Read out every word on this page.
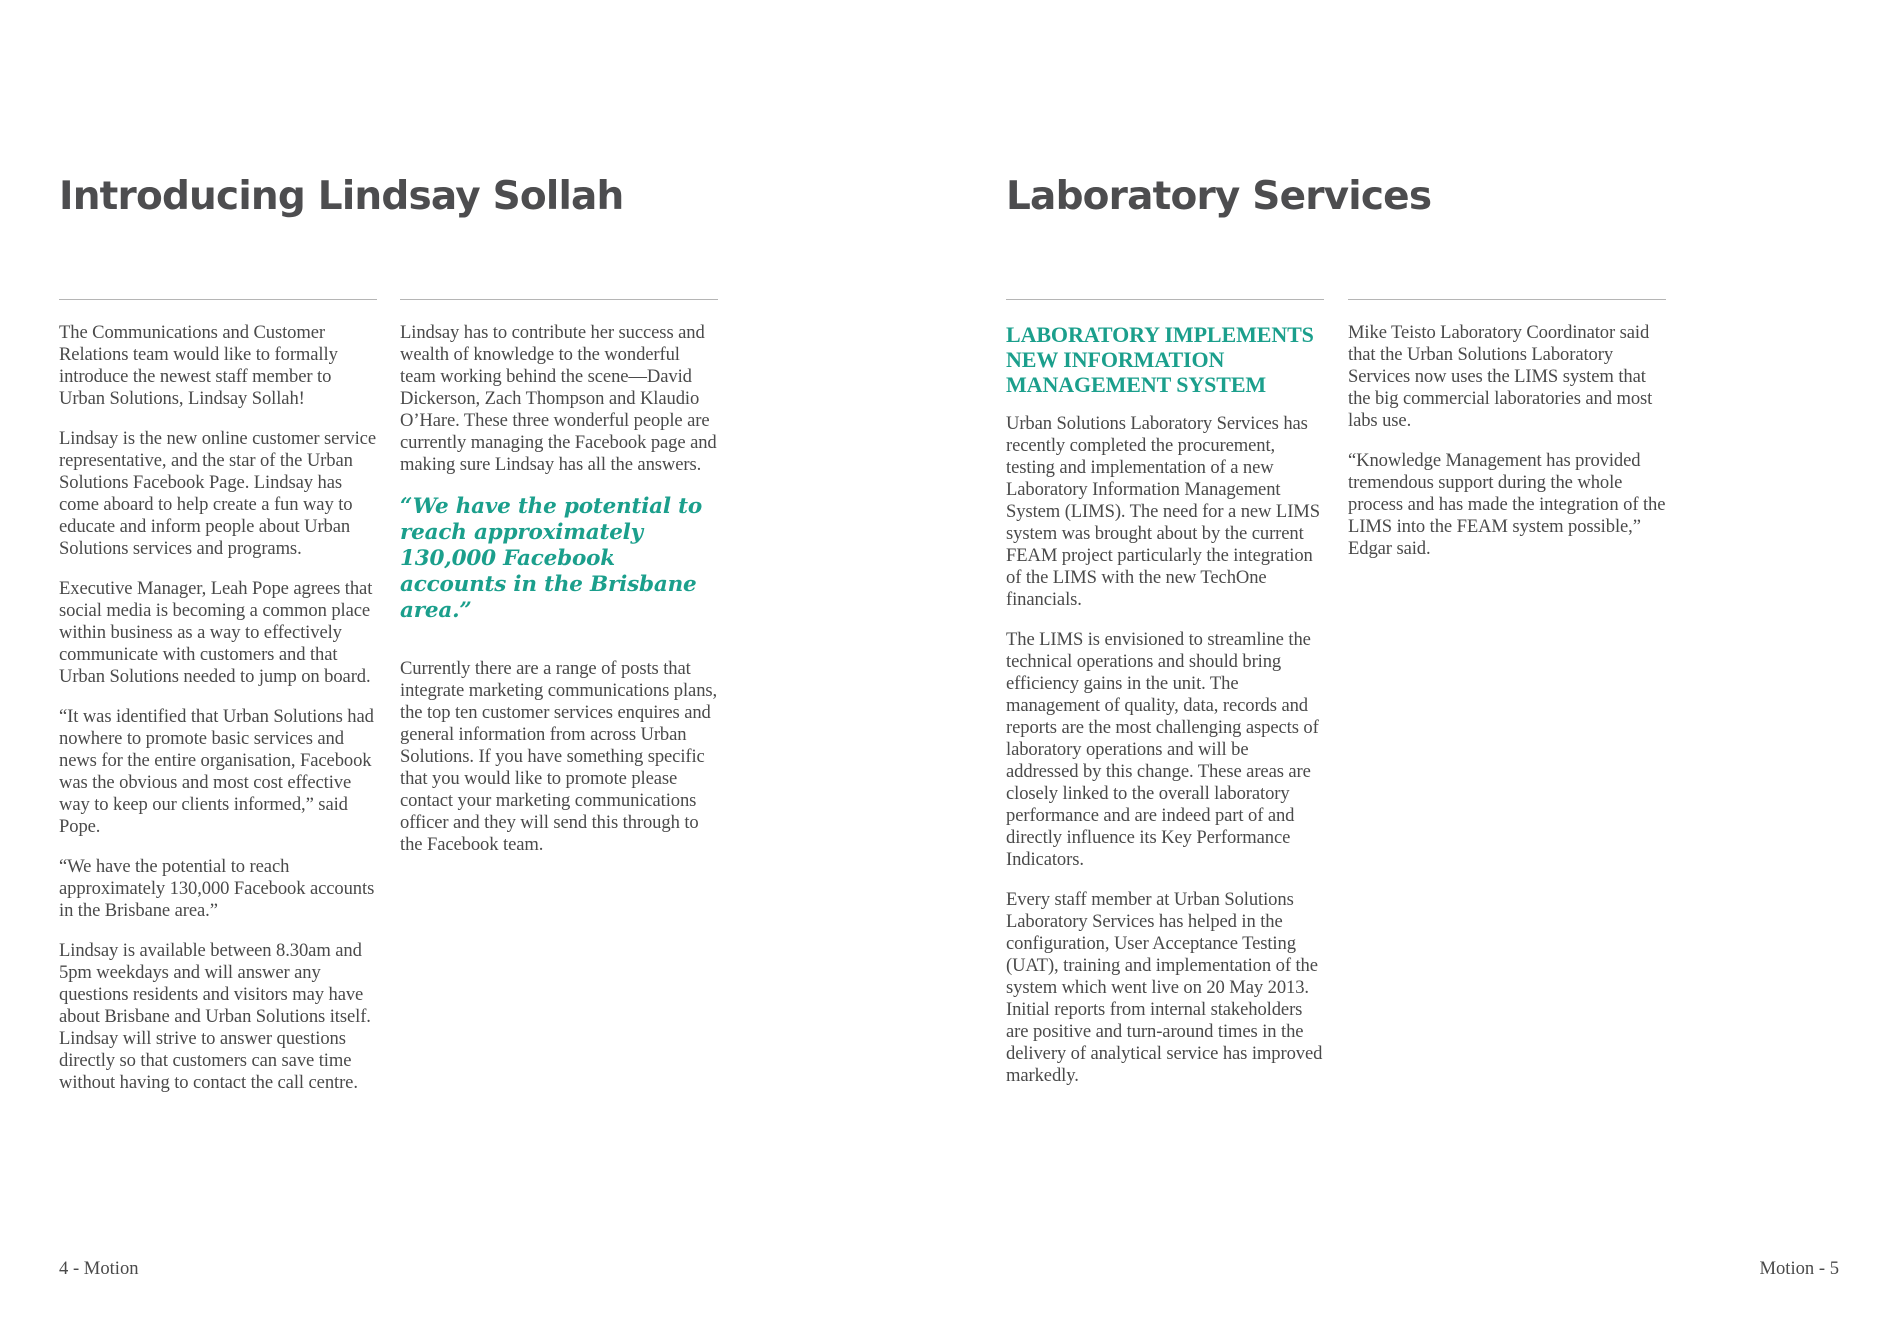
Introducing Lindsay Sollah

The Communications and Customer Relations team would like to formally introduce the newest staff member to Urban Solutions, Lindsay Sollah!

Lindsay is the new online customer service representative, and the star of the Urban Solutions Facebook Page. Lindsay has come aboard to help create a fun way to educate and inform people about Urban Solutions services and programs.

Executive Manager, Leah Pope agrees that social media is becoming a common place within business as a way to effectively communicate with customers and that Urban Solutions needed to jump on board.

“It was identified that Urban Solutions had nowhere to promote basic services and news for the entire organisation, Facebook was the obvious and most cost effective way to keep our clients informed,” said Pope.

“We have the potential to reach approximately 130,000 Facebook accounts in the Brisbane area.”

Lindsay is available between 8.30am and 5pm weekdays and will answer any questions residents and visitors may have about Brisbane and Urban Solutions itself. Lindsay will strive to answer questions directly so that customers can save time without having to contact the call centre.

Lindsay has to contribute her success and wealth of knowledge to the wonderful team working behind the scene—David Dickerson, Zach Thompson and Klaudio O’Hare. These three wonderful people are currently managing the Facebook page and making sure Lindsay has all the answers.

“We have the potential to reach approximately 130,000 Facebook accounts in the Brisbane area.”

Currently there are a range of posts that integrate marketing communications plans, the top ten customer services enquires and general information from across Urban Solutions. If you have something specific that you would like to promote please contact your marketing communications officer and they will send this through to the Facebook team.

4 - Motion
Laboratory Services
LABORATORY IMPLEMENTS NEW INFORMATION MANAGEMENT SYSTEM

Urban Solutions Laboratory Services has recently completed the procurement, testing and implementation of a new Laboratory Information Management System (LIMS). The need for a new LIMS system was brought about by the current FEAM project particularly the integration of the LIMS with the new TechOne financials.

The LIMS is envisioned to streamline the technical operations and should bring efficiency gains in the unit. The management of quality, data, records and reports are the most challenging aspects of laboratory operations and will be addressed by this change. These areas are closely linked to the overall laboratory performance and are indeed part of and directly influence its Key Performance Indicators.

Every staff member at Urban Solutions Laboratory Services has helped in the configuration, User Acceptance Testing (UAT), training and implementation of the system which went live on 20 May 2013. Initial reports from internal stakeholders are positive and turn-around times in the delivery of analytical service has improved markedly.

Mike Teisto Laboratory Coordinator said that the Urban Solutions Laboratory Services now uses the LIMS system that the big commercial laboratories and most labs use.

“Knowledge Management has provided tremendous support during the whole process and has made the integration of the LIMS into the FEAM system possible,” Edgar said.

Motion - 5
